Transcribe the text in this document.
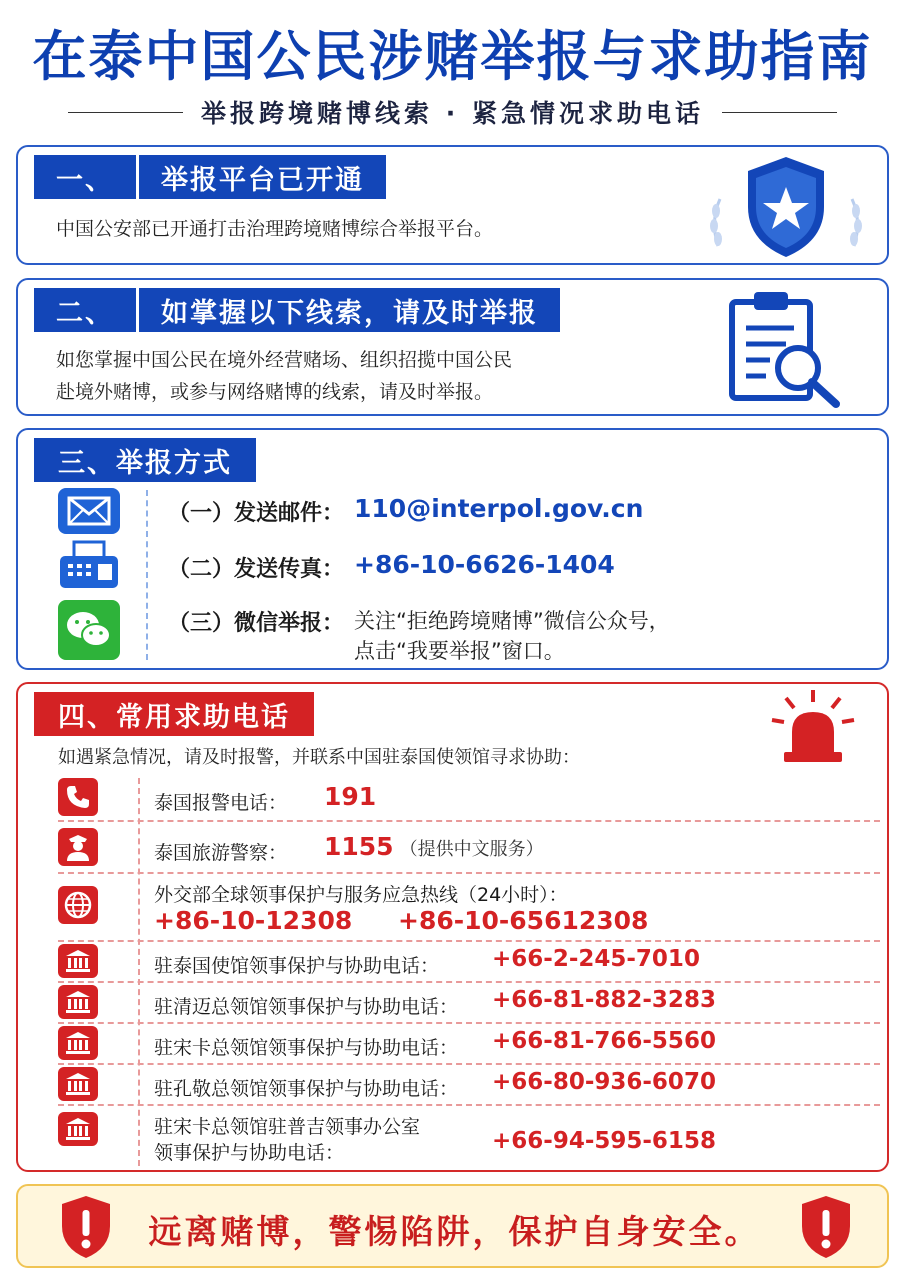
在泰中国公民涉赌举报与求助指南
举报跨境赌博线索 · 紧急情况求助电话
一、	举报平台已开通
中国公安部已开通打击治理跨境赌博综合举报平台。
二、	如掌握以下线索，请及时举报
如您掌握中国公民在境外经营赌场、组织招揽中国公民
赴境外赌博，或参与网络赌博的线索，请及时举报。
三、举报方式
（一）发送邮件： 110@interpol.gov.cn
（二）发送传真： +86-10-6626-1404
（三）微信举报： 关注“拒绝跨境赌博”微信公众号，
点击“我要举报”窗口。
四、常用求助电话
如遇紧急情况，请及时报警，并联系中国驻泰国使领馆寻求协助：
泰国报警电话： 191
泰国旅游警察： 1155 （提供中文服务）
外交部全球领事保护与服务应急热线（24小时）：
+86-10-12308 +86-10-65612308
驻泰国使馆领事保护与协助电话： +66-2-245-7010
驻清迈总领馆领事保护与协助电话： +66-81-882-3283
驻宋卡总领馆领事保护与协助电话： +66-81-766-5560
驻孔敬总领馆领事保护与协助电话： +66-80-936-6070
驻宋卡总领馆驻普吉领事办公室
领事保护与协助电话：	+66-94-595-6158
远离赌博，警惕陷阱，保护自身安全。
